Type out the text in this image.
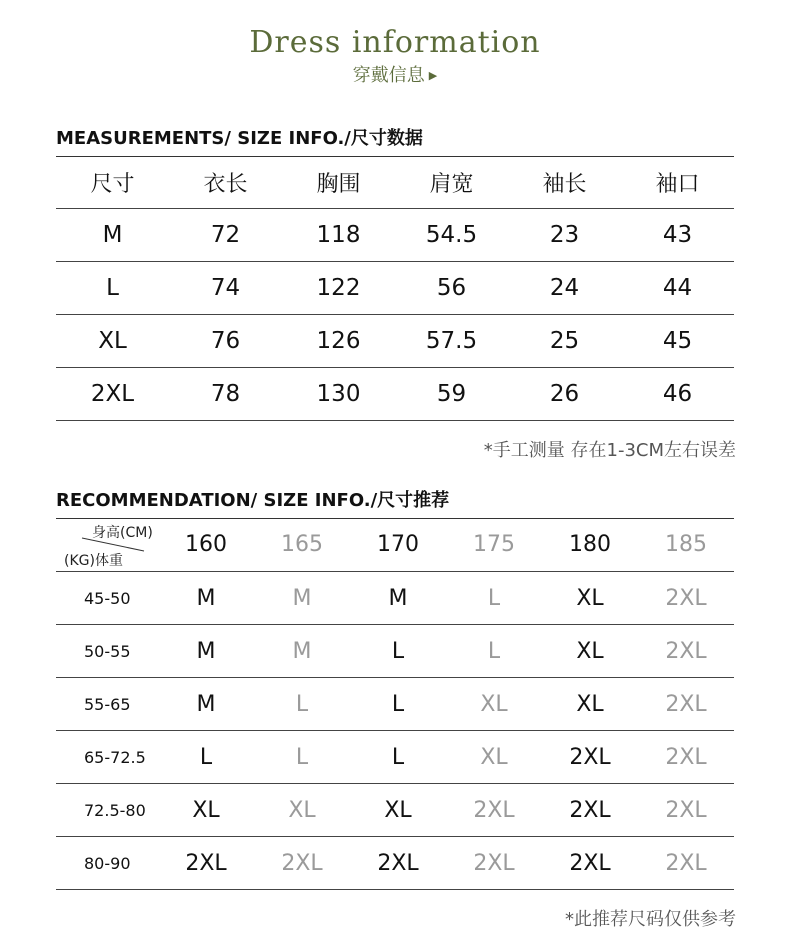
Dress information
穿戴信息 ▶
MEASUREMENTS/ SIZE INFO./尺寸数据
尺寸	衣长	胸围	肩宽	袖长	袖口
M	72	118	54.5	23	43
L	74	122	56	24	44
XL	76	126	57.5	25	45
2XL	78	130	59	26	46
*手工测量 存在1-3CM左右误差
RECOMMENDATION/ SIZE INFO./尺寸推荐
身高(CM)
(KG)体重
160	165	170	175	180	185
45-50	M	M	M	L	XL	2XL
50-55	M	M	L	L	XL	2XL
55-65	M	L	L	XL	XL	2XL
65-72.5	L	L	L	XL	2XL	2XL
72.5-80	XL	XL	XL	2XL	2XL	2XL
80-90	2XL	2XL	2XL	2XL	2XL	2XL
*此推荐尺码仅供参考
